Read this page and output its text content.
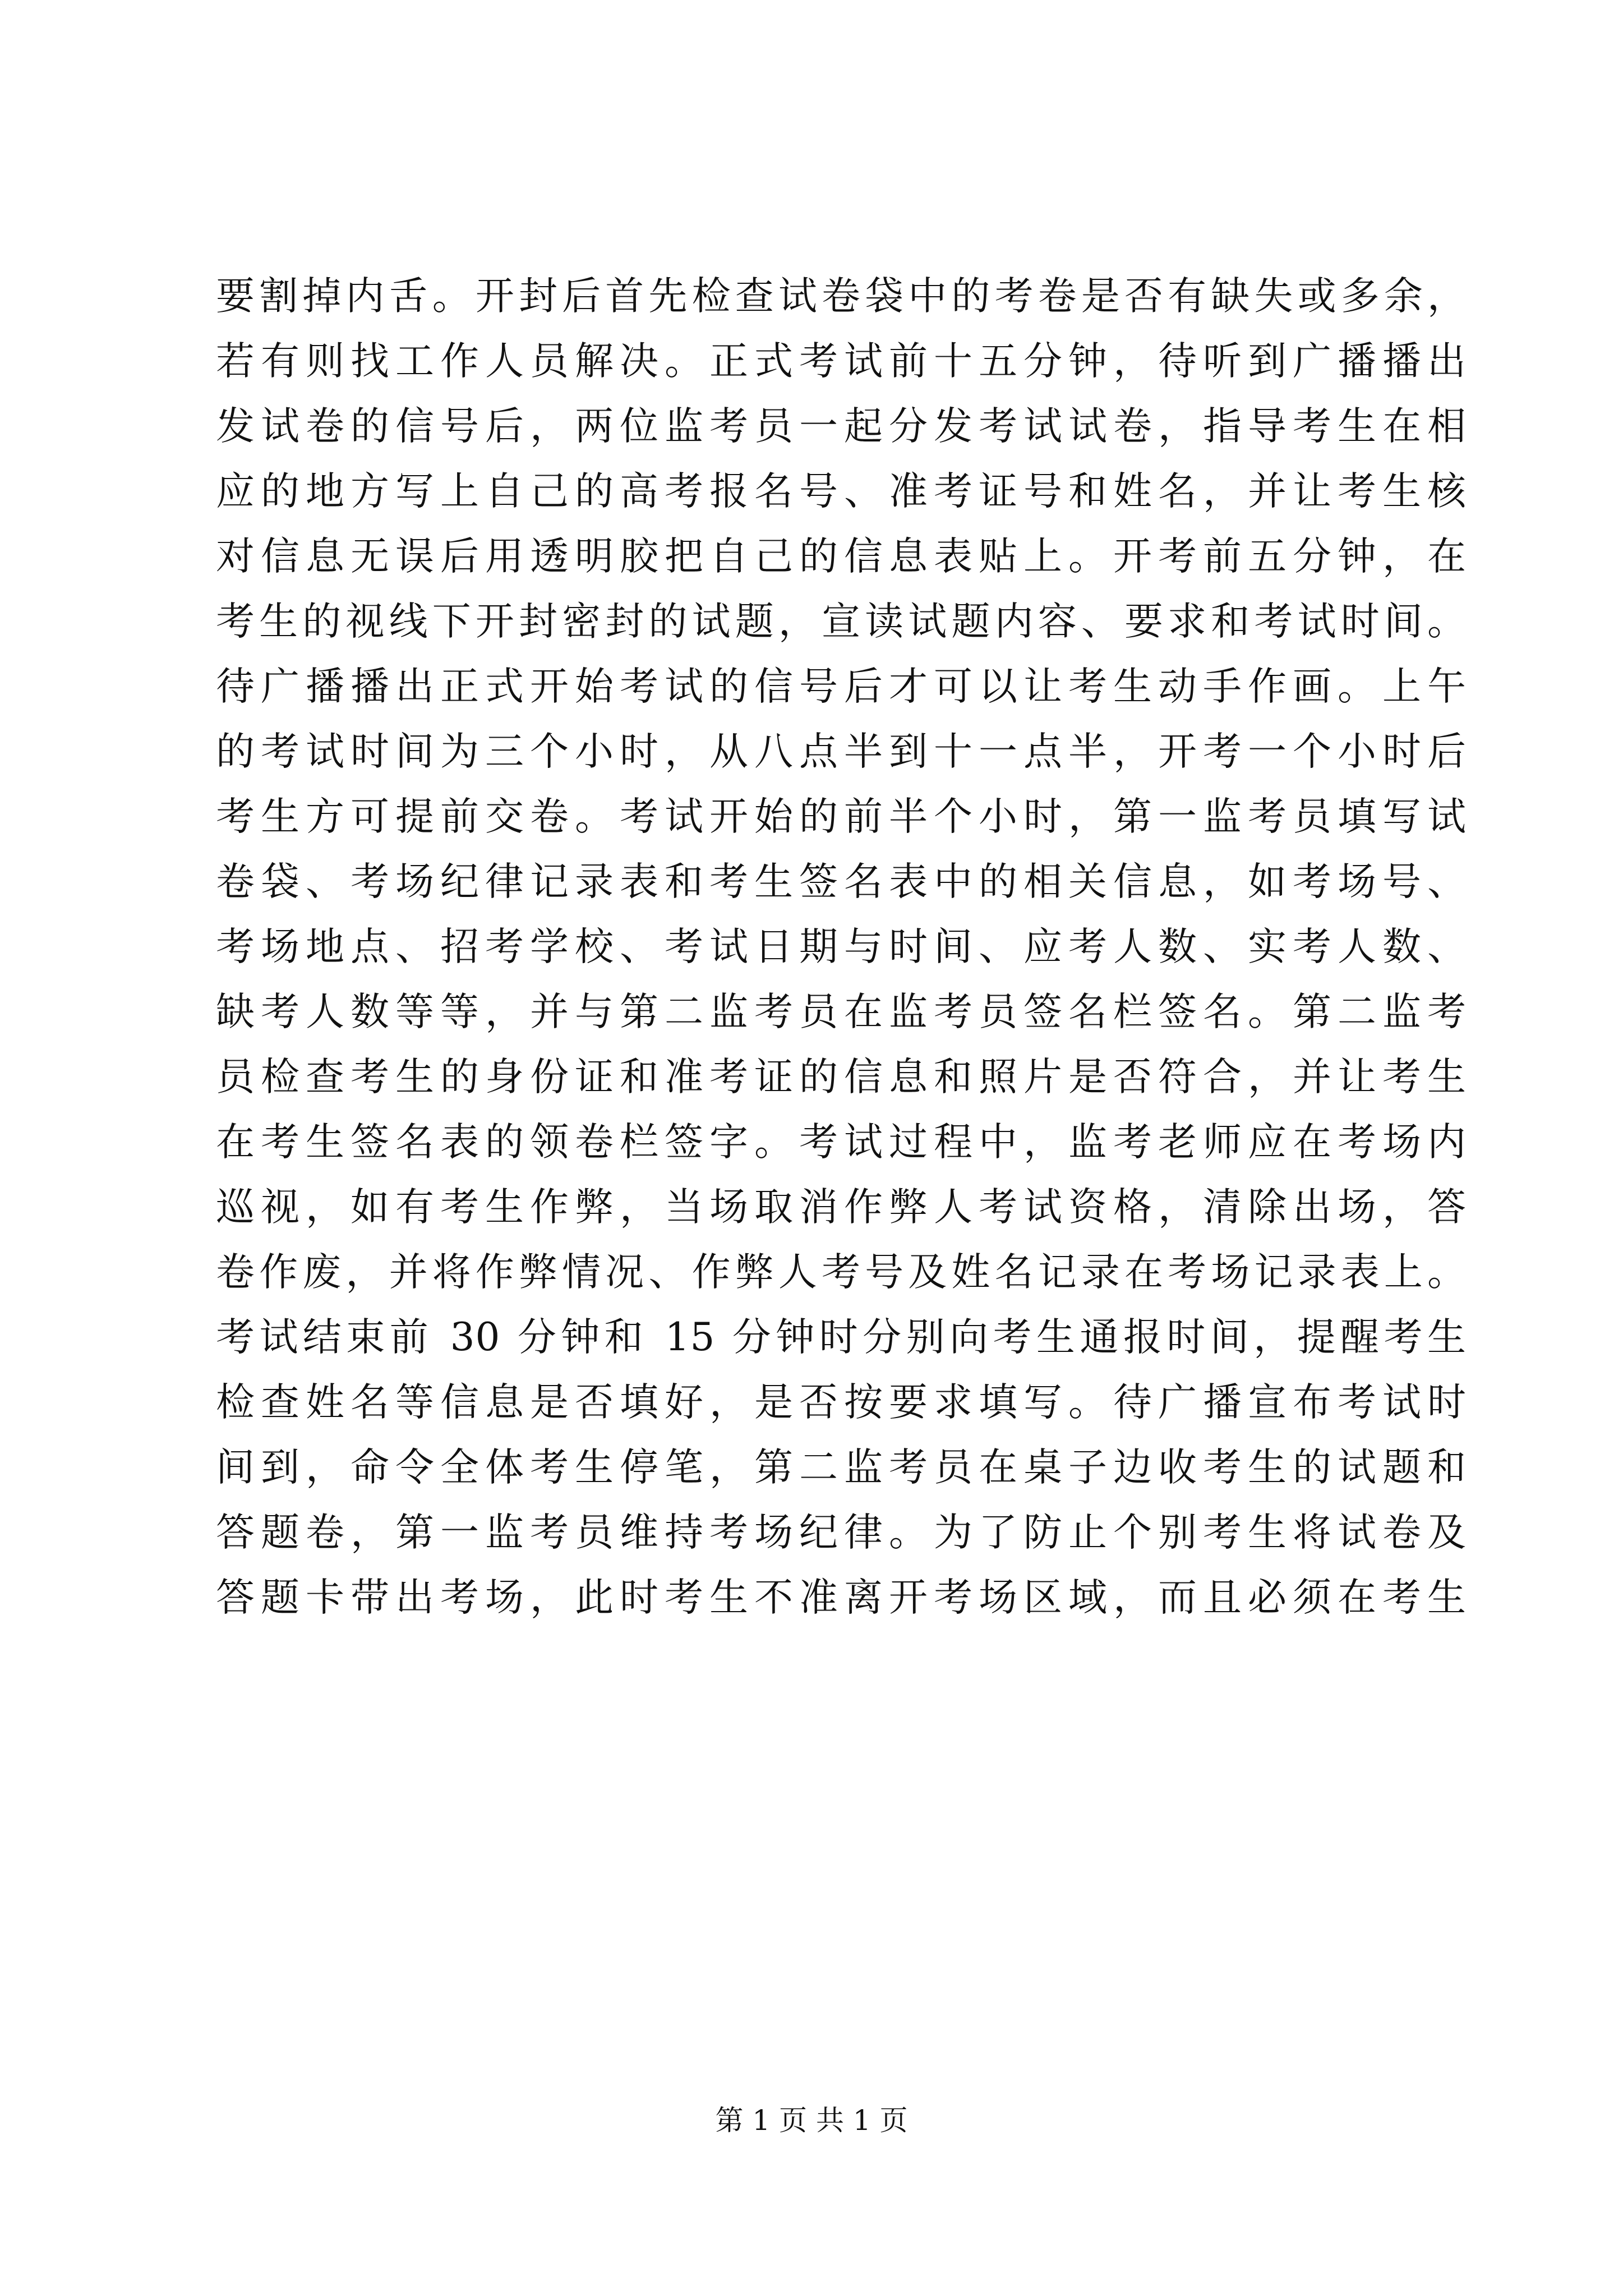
要割掉内舌。开封后首先检查试卷袋中的考卷是否有缺失或多余，
若有则找工作人员解决。正式考试前十五分钟，待听到广播播出
发试卷的信号后，两位监考员一起分发考试试卷，指导考生在相
应的地方写上自己的高考报名号、准考证号和姓名，并让考生核
对信息无误后用透明胶把自己的信息表贴上。开考前五分钟，在
考生的视线下开封密封的试题，宣读试题内容、要求和考试时间。
待广播播出正式开始考试的信号后才可以让考生动手作画。上午
的考试时间为三个小时，从八点半到十一点半，开考一个小时后
考生方可提前交卷。考试开始的前半个小时，第一监考员填写试
卷袋、考场纪律记录表和考生签名表中的相关信息，如考场号、
考场地点、招考学校、考试日期与时间、应考人数、实考人数、
缺考人数等等，并与第二监考员在监考员签名栏签名。第二监考
员检查考生的身份证和准考证的信息和照片是否符合，并让考生
在考生签名表的领卷栏签字。考试过程中，监考老师应在考场内
巡视，如有考生作弊，当场取消作弊人考试资格，清除出场，答
卷作废，并将作弊情况、作弊人考号及姓名记录在考场记录表上。
考试结束前 30 分钟和 15 分钟时分别向考生通报时间，提醒考生
检查姓名等信息是否填好，是否按要求填写。待广播宣布考试时
间到，命令全体考生停笔，第二监考员在桌子边收考生的试题和
答题卷，第一监考员维持考场纪律。为了防止个别考生将试卷及
答题卡带出考场，此时考生不准离开考场区域，而且必须在考生
第 1 页 共 1 页
